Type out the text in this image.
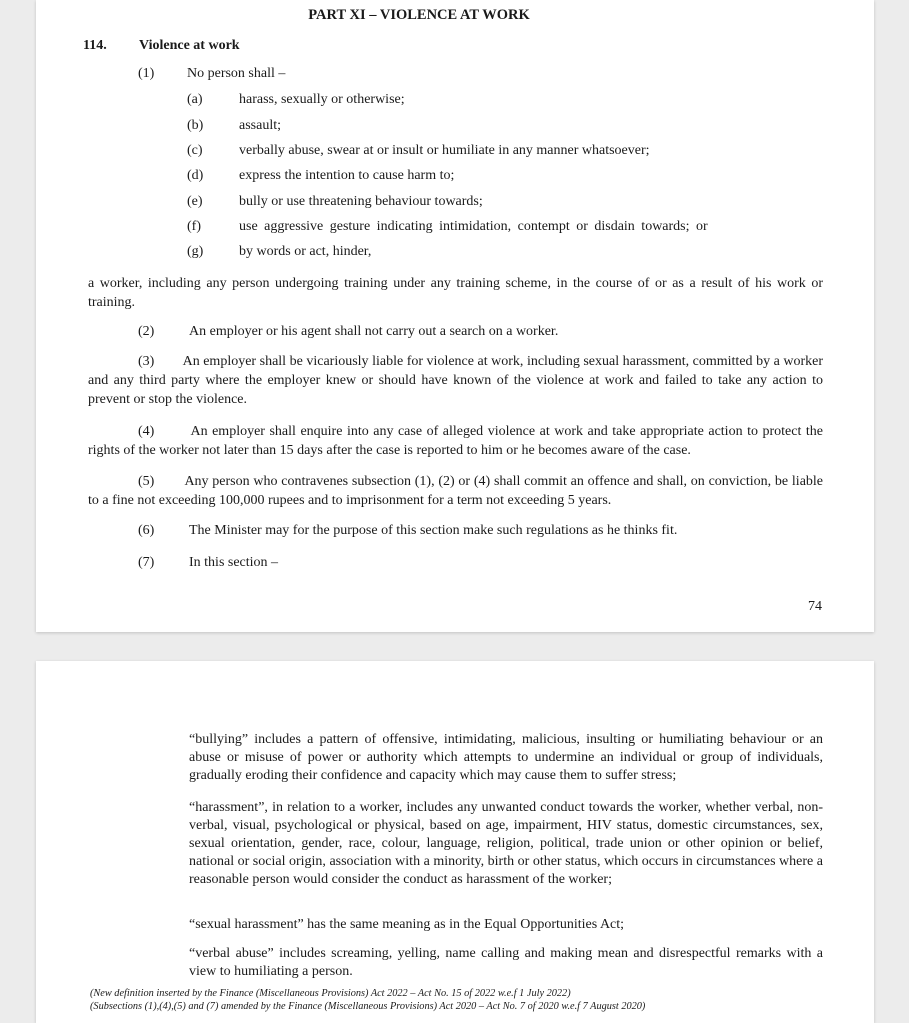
PART XI – VIOLENCE AT WORK
114. Violence at work
(1) No person shall –
(a)	harass, sexually or otherwise;
(b)	assault;
(c)	verbally abuse, swear at or insult or humiliate in any manner whatsoever;
(d)	express the intention to cause harm to;
(e)	bully or use threatening behaviour towards;
(f)	use aggressive gesture indicating intimidation, contempt or disdain towards; or
(g)	by words or act, hinder,
a worker, including any person undergoing training under any training scheme, in the course of or as a result of his work or training.
(2) An employer or his agent shall not carry out a search on a worker.
(3) An employer shall be vicariously liable for violence at work, including sexual harassment, committed by a worker and any third party where the employer knew or should have known of the violence at work and failed to take any action to prevent or stop the violence.
(4)	An employer shall enquire into any case of alleged violence at work and take appropriate action to protect the rights of the worker not later than 15 days after the case is reported to him or he becomes aware of the case.
(5) Any person who contravenes subsection (1), (2) or (4) shall commit an offence and shall, on conviction, be liable to a fine not exceeding 100,000 rupees and to imprisonment for a term not exceeding 5 years.
(6) The Minister may for the purpose of this section make such regulations as he thinks fit.
(7) In this section –
74
“bullying” includes a pattern of offensive, intimidating, malicious, insulting or humiliating behaviour or an abuse or misuse of power or authority which attempts to undermine an individual or group of individuals, gradually eroding their confidence and capacity which may cause them to suffer stress;
“harassment”, in relation to a worker, includes any unwanted conduct towards the worker, whether verbal, non-verbal, visual, psychological or physical, based on age, impairment, HIV status, domestic circumstances, sex, sexual orientation, gender, race, colour, language, religion, political, trade union or other opinion or belief, national or social origin, association with a minority, birth or other status, which occurs in circumstances where a reasonable person would consider the conduct as harassment of the worker;
“sexual harassment” has the same meaning as in the Equal Opportunities Act;
“verbal abuse” includes screaming, yelling, name calling and making mean and disrespectful remarks with a view to humiliating a person.
(New definition inserted by the Finance (Miscellaneous Provisions) Act 2022 – Act No. 15 of 2022 w.e.f 1 July 2022)
(Subsections (1),(4),(5) and (7) amended by the Finance (Miscellaneous Provisions) Act 2020 – Act No. 7 of 2020 w.e.f 7 August 2020)
